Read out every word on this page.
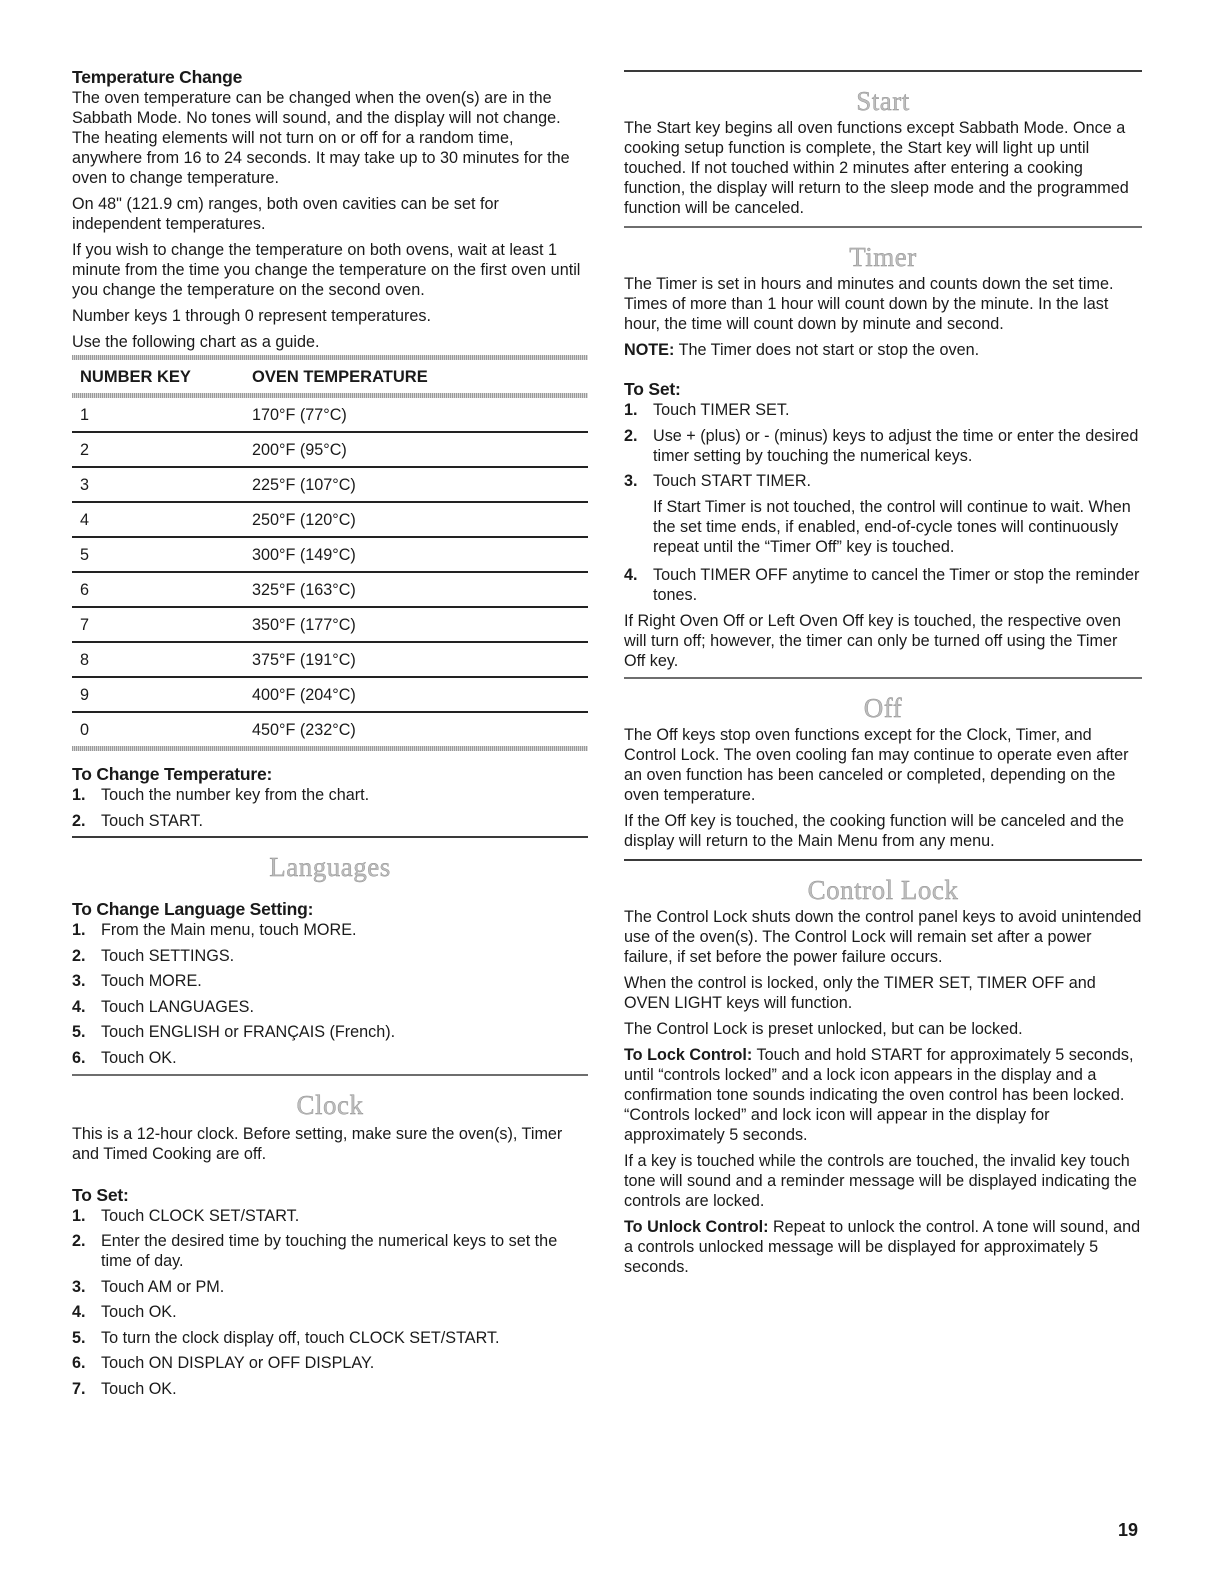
Temperature Change

The oven temperature can be changed when the oven(s) are in the Sabbath Mode. No tones will sound, and the display will not change. The heating elements will not turn on or off for a random time, anywhere from 16 to 24 seconds. It may take up to 30 minutes for the oven to change temperature.

On 48" (121.9 cm) ranges, both oven cavities can be set for independent temperatures.

If you wish to change the temperature on both ovens, wait at least 1 minute from the time you change the temperature on the first oven until you change the temperature on the second oven.

Number keys 1 through 0 represent temperatures.

Use the following chart as a guide.

NUMBER KEY	OVEN TEMPERATURE

1	170°F (77°C)
2	200°F (95°C)
3	225°F (107°C)
4	250°F (120°C)
5	300°F (149°C)
6	325°F (163°C)
7	350°F (177°C)
8	375°F (191°C)
9	400°F (204°C)
0	450°F (232°C)
To Change Temperature:
1. Touch the number key from the chart.
2. Touch START.
Languages
To Change Language Setting:
1. From the Main menu, touch MORE.
2. Touch SETTINGS.
3. Touch MORE.
4. Touch LANGUAGES.
5. Touch ENGLISH or FRANÇAIS (French).
6. Touch OK.
Clock

This is a 12-hour clock. Before setting, make sure the oven(s), Timer and Timed Cooking are off.

To Set:
1. Touch CLOCK SET/START.
2. Enter the desired time by touching the numerical keys to set the time of day.
3. Touch AM or PM.
4. Touch OK.
5. To turn the clock display off, touch CLOCK SET/START.
6. Touch ON DISPLAY or OFF DISPLAY.
7. Touch OK.
Start

The Start key begins all oven functions except Sabbath Mode. Once a cooking setup function is complete, the Start key will light up until touched. If not touched within 2 minutes after entering a cooking function, the display will return to the sleep mode and the programmed function will be canceled.

Timer

The Timer is set in hours and minutes and counts down the set time. Times of more than 1 hour will count down by the minute. In the last hour, the time will count down by minute and second.

NOTE: The Timer does not start or stop the oven.

To Set:
1. Touch TIMER SET.
2. Use + (plus) or - (minus) keys to adjust the time or enter the desired timer setting by touching the numerical keys.
3. Touch START TIMER.
If Start Timer is not touched, the control will continue to wait. When the set time ends, if enabled, end-of-cycle tones will continuously repeat until the “Timer Off” key is touched.
4. Touch TIMER OFF anytime to cancel the Timer or stop the reminder tones.

If Right Oven Off or Left Oven Off key is touched, the respective oven will turn off; however, the timer can only be turned off using the Timer Off key.

Off

The Off keys stop oven functions except for the Clock, Timer, and Control Lock. The oven cooling fan may continue to operate even after an oven function has been canceled or completed, depending on the oven temperature.

If the Off key is touched, the cooking function will be canceled and the display will return to the Main Menu from any menu.

Control Lock

The Control Lock shuts down the control panel keys to avoid unintended use of the oven(s). The Control Lock will remain set after a power failure, if set before the power failure occurs.

When the control is locked, only the TIMER SET, TIMER OFF and OVEN LIGHT keys will function.

The Control Lock is preset unlocked, but can be locked.

To Lock Control: Touch and hold START for approximately 5 seconds, until “controls locked” and a lock icon appears in the display and a confirmation tone sounds indicating the oven control has been locked. “Controls locked” and lock icon will appear in the display for approximately 5 seconds.

If a key is touched while the controls are touched, the invalid key touch tone will sound and a reminder message will be displayed indicating the controls are locked.

To Unlock Control: Repeat to unlock the control. A tone will sound, and a controls unlocked message will be displayed for approximately 5 seconds.

19
